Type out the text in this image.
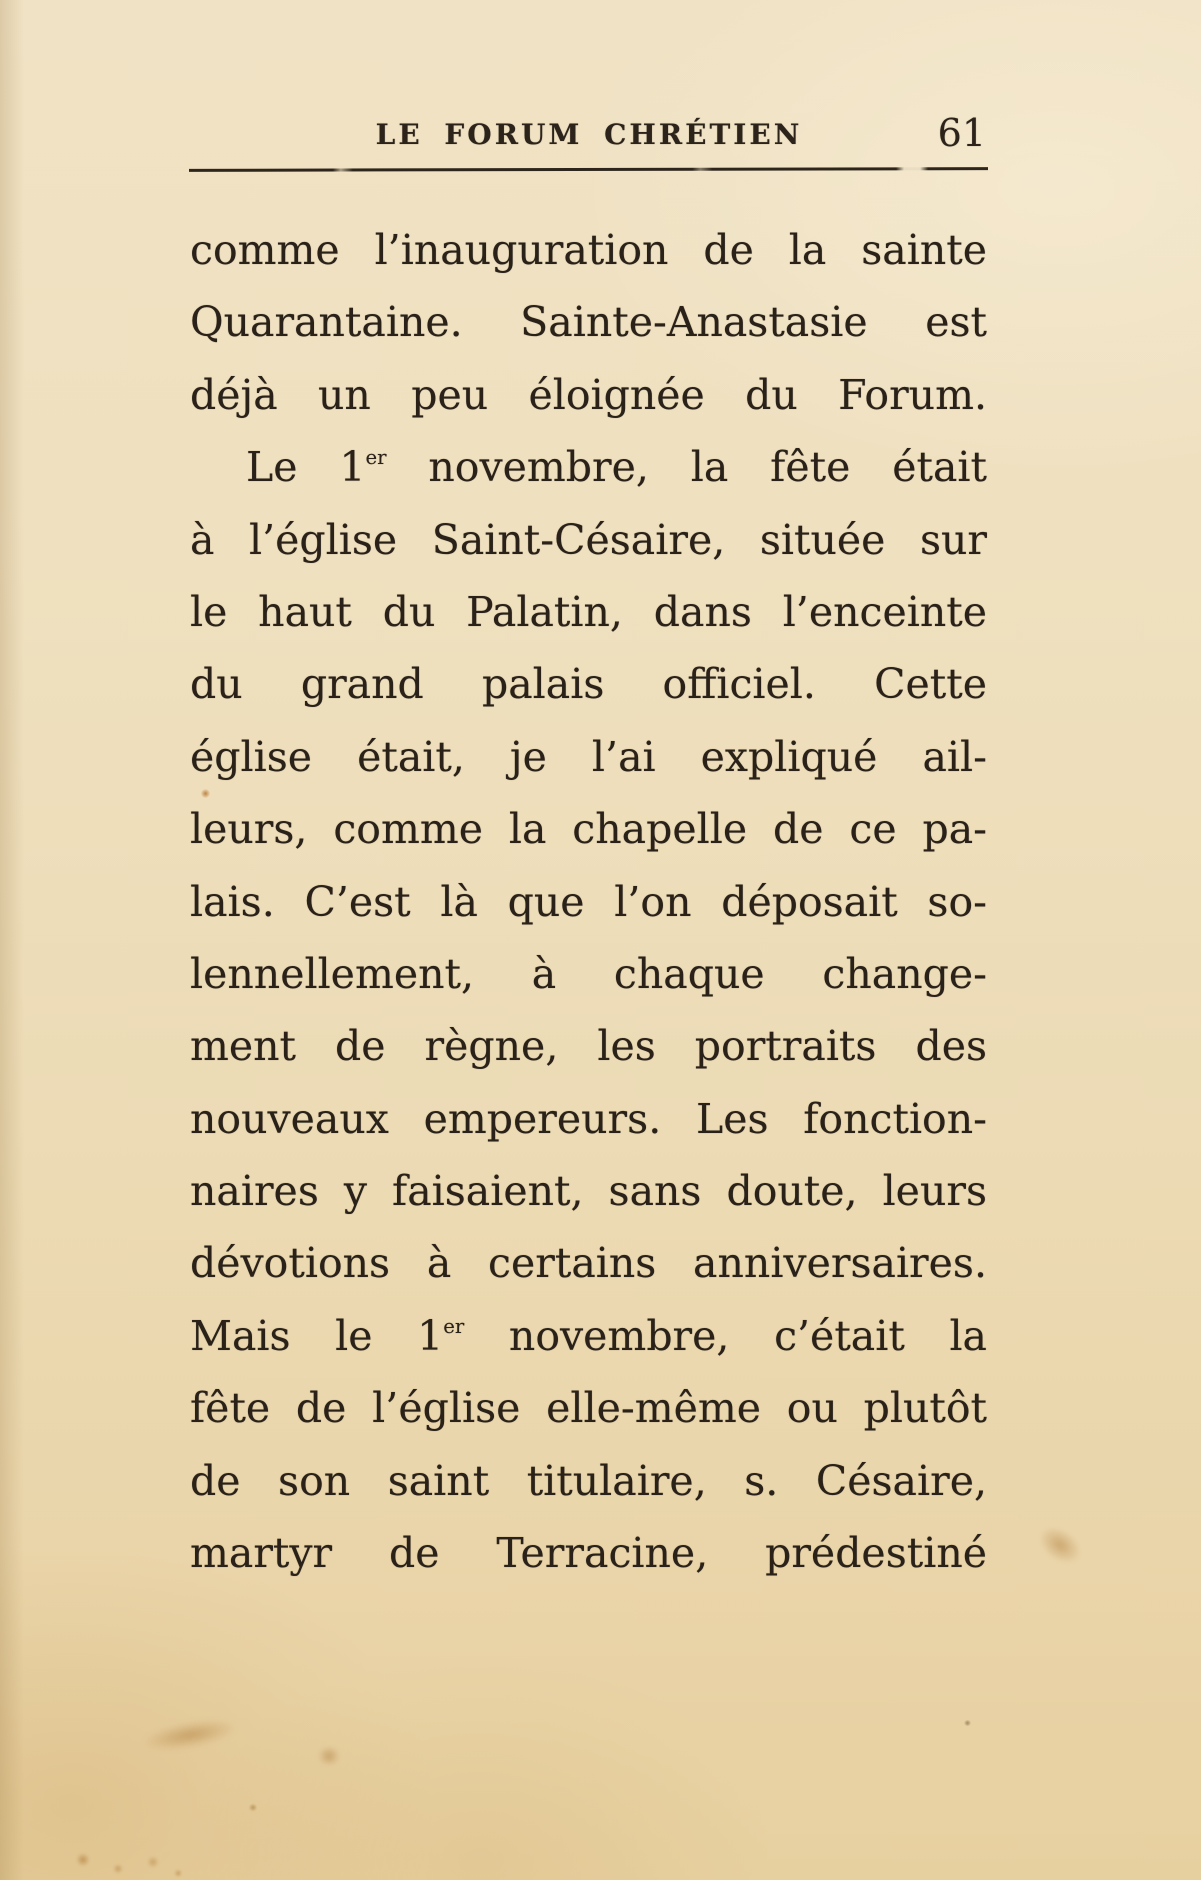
LE FORUM CHRÉTIEN	61
comme l’inauguration de la sainte
Quarantaine. Sainte-Anastasie est
déjà un peu éloignée du Forum.
Le 1er novembre, la fête était
à l’église Saint-Césaire, située sur
le haut du Palatin, dans l’enceinte
du grand palais officiel. Cette
église était, je l’ai expliqué ail-
leurs, comme la chapelle de ce pa-
lais. C’est là que l’on déposait so-
lennellement, à chaque change-
ment de règne, les portraits des
nouveaux empereurs. Les fonction-
naires y faisaient, sans doute, leurs
dévotions à certains anniversaires.
Mais le 1er novembre, c’était la
fête de l’église elle-même ou plutôt
de son saint titulaire, s. Césaire,
martyr de Terracine, prédestiné
